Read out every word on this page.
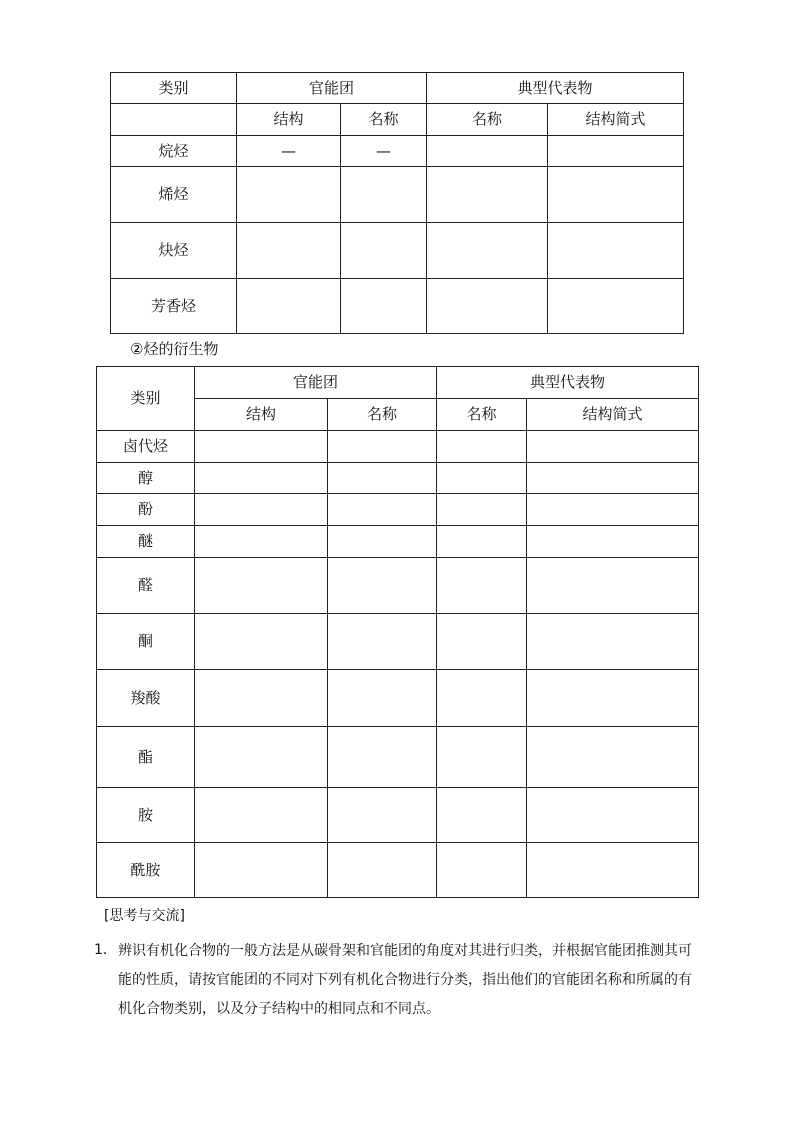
类别	官能团		典型代表物	
	结构	名称	名称	结构简式
烷烃	—	—		
烯烃				
炔烃				
芳香烃				
②烃的衍生物
类别	官能团		典型代表物	
	结构	名称	名称	结构简式
卤代烃				
醇				
酚				
醚				
醛				
酮				
羧酸				
酯				
胺				
酰胺				
[思考与交流]
1． 辨识有机化合物的一般方法是从碳骨架和官能团的角度对其进行归类，并根据官能团推测其可能的性质，请按官能团的不同对下列有机化合物进行分类，指出他们的官能团名称和所属的有机化合物类别，以及分子结构中的相同点和不同点。
